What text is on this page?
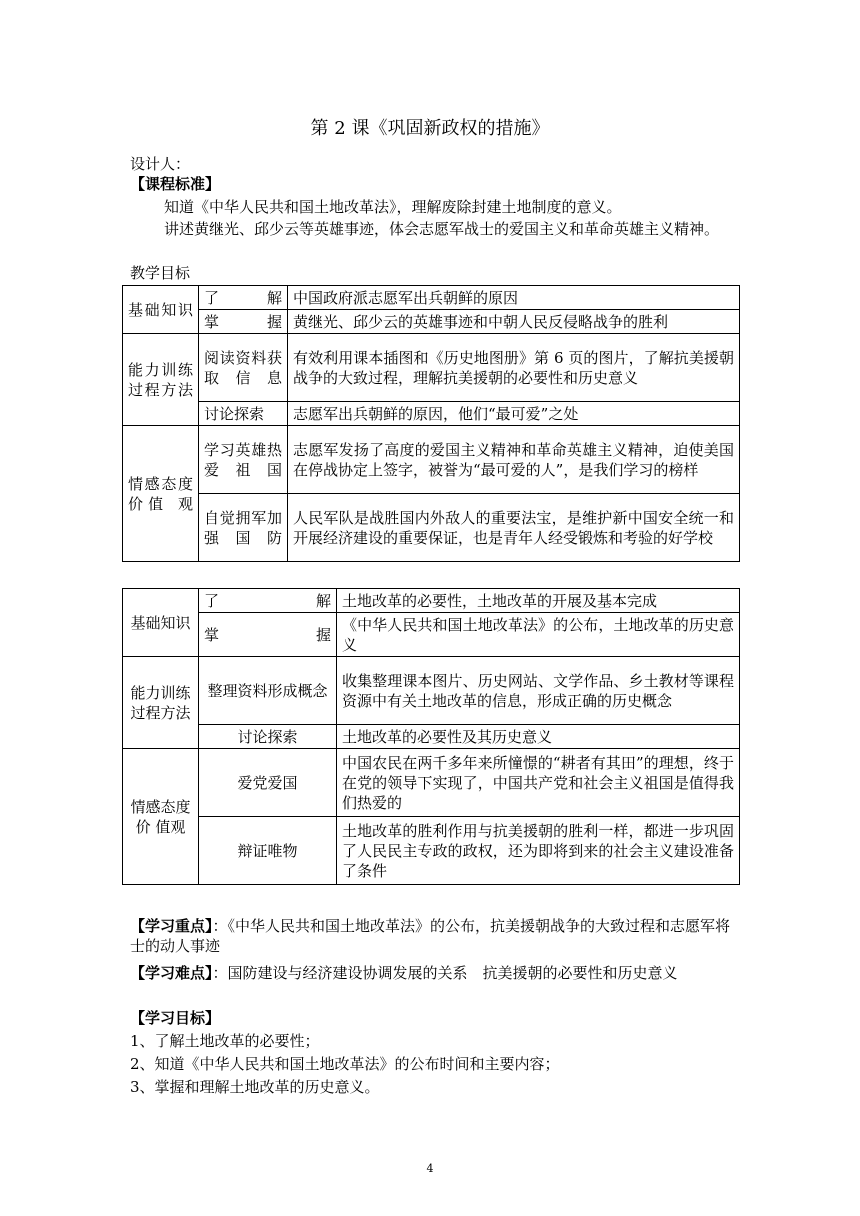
第 2 课《巩固新政权的措施》
设计人：
【课程标准】
知道《中华人民共和国土地改革法》，理解废除封建土地制度的意义。
讲述黄继光、邱少云等英雄事迹，体会志愿军战士的爱国主义和革命英雄主义精神。
教学目标
基础知识	了 解	中国政府派志愿军出兵朝鲜的原因

	掌 握	黄继光、邱少云的英雄事迹和中朝人民反侵略战争的胜利
能力训练过程方法	阅读资料获取信息	有效利用课本插图和《历史地图册》第 6 页的图片，了解抗美援朝战争的大致过程，理解抗美援朝的必要性和历史意义
	讨论探索	志愿军出兵朝鲜的原因，他们“最可爱”之处
情感态度　价值 观	学习英雄热爱祖国	志愿军发扬了高度的爱国主义精神和革命英雄主义精神，迫使美国在停战协定上签字，被誉为“最可爱的人”，是我们学习的榜样
	自觉拥军加强国防	人民军队是战胜国内外敌人的重要法宝，是维护新中国安全统一和开展经济建设的重要保证，也是青年人经受锻炼和考验的好学校
基础知识	了 解	土地改革的必要性，土地改革的开展及基本完成

	掌 握	《中华人民共和国土地改革法》的公布，土地改革的历史意义
能力训练过程方法	整理资料形成概念	收集整理课本图片、历史网站、文学作品、乡土教材等课程资源中有关土地改革的信息，形成正确的历史概念
	讨论探索	土地改革的必要性及其历史意义
情感态度价 值观	爱党爱国	中国农民在两千多年来所憧憬的“耕者有其田”的理想，终于在党的领导下实现了，中国共产党和社会主义祖国是值得我们热爱的
	辩证唯物	土地改革的胜利作用与抗美援朝的胜利一样，都进一步巩固了人民民主专政的政权，还为即将到来的社会主义建设准备了条件
【学习重点】：《中华人民共和国土地改革法》的公布，抗美援朝战争的大致过程和志愿军将士的动人事迹
【学习难点】：国防建设与经济建设协调发展的关系　抗美援朝的必要性和历史意义
【学习目标】
1、了解土地改革的必要性；
2、知道《中华人民共和国土地改革法》的公布时间和主要内容；
3、掌握和理解土地改革的历史意义。
4
